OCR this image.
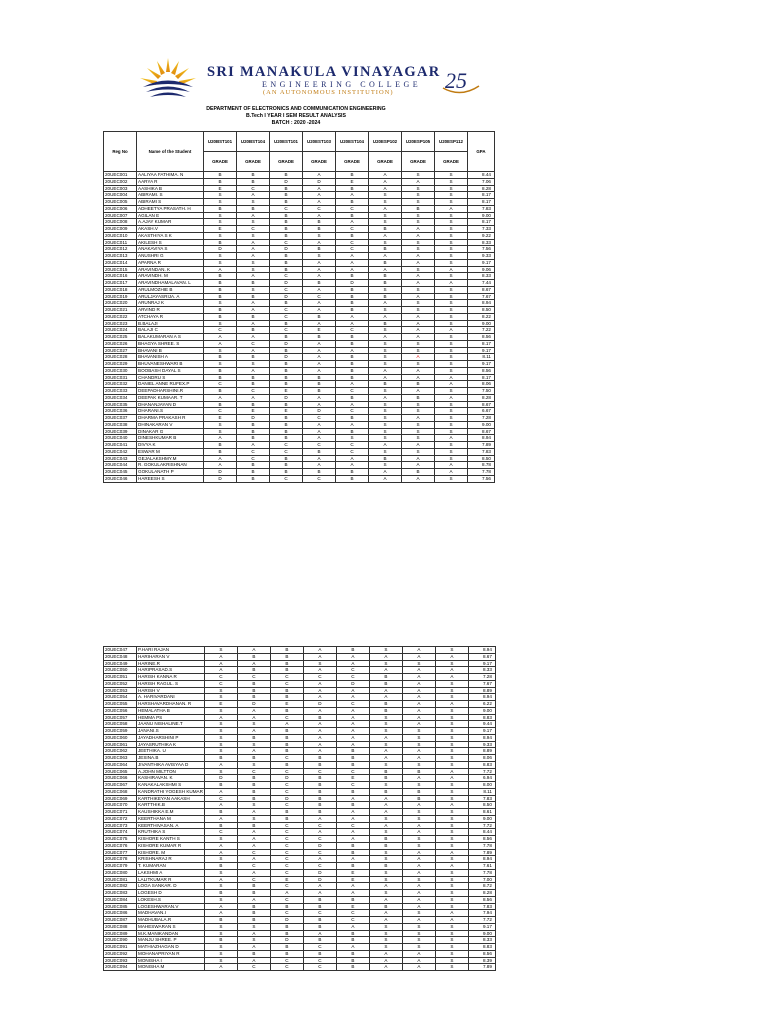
SRI MANAKULA VINAYAGAR
ENGINEERING COLLEGE
(AN AUTONOMOUS INSTITUTION) 25
DEPARTMENT OF ELECTRONICS AND COMMUNICATION ENGINEERING
B.Tech I YEAR I SEM RESULT ANALYSIS
BATCH : 2020 -2024
Reg No	Name of the Student	U20BST101	U20BST104	U20EST101	U20EST103	U20EST104	U20ESP102	U20ESP105	U20ESP112	GPA
		GRADE	GRADE	GRADE	GRADE	GRADE	GRADE	GRADE	GRADE	
20UEC001	AALIYAA FATHIMA. N	B	B	B	A	B	A	S	S	8.44
20UEC002	AARYA R	B	B	D	D	E	A	A	S	7.06
20UEC003	AASHIKA B	E	C	B	A	B	A	S	S	8.28
20UEC004	ABIRAMI. S	S	A	B	A	A	S	S	S	8.17
20UEC005	ABIRAMI S	S	S	B	A	B	S	S	S	8.17
20UEC006	ADHEETYA PRASATH. H	B	B	C	C	C	A	B	A	7.83
20UEC007	AGILAN E	S	A	B	A	B	S	S	S	9.00
20UEC008	A.AJAY KUMAR	S	S	B	B	A	S	S	S	8.17
20UEC009	AKASH.V	E	C	B	B	C	B	A	S	7.33
20UEC010	AKASTHIYA S K	S	S	B	S	B	A	A	S	9.22
20UEC011	AKILESH S	B	A	C	A	C	S	S	S	8.33
20UEC012	ANAKAVIYA S	D	A	D	B	C	B	S	S	7.56
20UEC013	ANUSHRI G	S	A	B	S	A	A	A	S	9.33
20UEC014	APARNA R	S	S	B	A	A	B	A	S	9.17
20UEC015	ARAVINDAN. K	A	S	B	A	A	A	S	A	9.06
20UEC016	ARAVINDH. M	B	A	C	A	B	B	A	S	8.33
20UEC017	ARAVINDHAMALAVAN. L	B	B	D	B	D	B	A	A	7.44
20UEC018	ARULMOZHIE B	B	S	C	A	B	S	S	S	8.67
20UEC019	ARULJAYASRIJA. A	B	B	D	C	B	B	A	S	7.67
20UEC020	ARUNRAJ K	S	A	B	A	B	A	S	S	8.94
20UEC021	ARVIND R	B	A	C	A	B	S	S	S	8.50
20UEC022	ATCHAYA R	B	B	C	B	A	A	A	S	8.22
20UEC023	B.BALAJI	S	A	B	A	A	B	A	S	9.00
20UEC024	BALAJI C	C	B	C	E	C	S	A	A	7.22
20UEC025	BALAKUMARAN A S	A	A	B	B	B	A	A	S	8.56
20UEC026	BHAGYA SHREE. S	A	C	D	A	B	S	S	S	8.17
20UEC027	BHAVANI B	S	A	B	A	A	S	S	S	9.17
20UEC028	BHAVANISH A	B	B	D	A	B	S	A	S	8.11
20UEC029	BHUVANESHWARI B	S	S	B	A	B	S	S	S	9.17
20UEC030	BOOBASH DAYAL S	B	A	B	A	B	A	A	S	8.56
20UEC031	CHANDRU S	B	B	B	B	B	A	A	A	8.17
20UEC032	DANIEL ANNE RUFEX.P	C	B	B	B	A	B	B	A	8.06
20UEC033	DEEPADHARSHINI.R	B	C	E	B	C	S	A	S	7.50
20UEC034	DEEPAK KUMAAR. T	A	A	D	A	B	A	B	A	8.28
20UEC035	DHANANJAYAN D	B	B	B	A	A	S	S	S	8.67
20UEC036	DHARANI.S	C	E	E	D	C	S	S	S	6.67
20UEC037	DHARMA PRAKASH R	E	D	B	C	B	S	A	S	7.28
20UEC038	DHINAKARAN V	S	B	B	A	A	S	S	S	9.00
20UEC039	DINAKAR G	S	B	B	A	B	S	S	S	8.67
20UEC040	DINESHKUMAR B	A	B	B	A	S	S	S	A	8.94
20UEC041	DIVYA K	B	A	C	C	C	A	A	S	7.89
20UEC042	ESWAR M	B	C	C	B	C	S	S	S	7.83
20UEC043	GEJALAKSHMY.M	A	C	B	A	A	B	A	S	8.50
20UEC044	R. GOKULAKRISHNAN	A	B	B	A	A	S	A	A	8.78
20UEC045	GOKULANATH P	D	B	B	B	B	A	B	A	7.78
20UEC046	HAREESH S	D	B	C	C	B	A	A	S	7.56
20UEC047	P.HARI RAJAN	S	A	B	A	B	S	A	S	8.94
20UEC048	HARIHARAN V	A	B	B	A	A	A	A	A	8.67
20UEC049	HARINE.R	A	A	B	S	A	S	S	S	9.17
20UEC050	HARIPRASAD.S	A	B	B	A	C	A	A	A	8.33
20UEC051	HARISH KANNA R	C	C	C	C	C	B	A	A	7.28
20UEC052	HARISH RAGUL. S	C	B	C	A	D	B	A	S	7.67
20UEC053	HARISH V	S	B	B	A	A	A	A	S	8.89
20UEC054	A. HARIVARDANI	S	B	B	A	A	A	A	S	8.94
20UEC055	HARSHAVARDHANAN. R	E	D	E	D	C	B	A	A	6.22
20UEC056	HEMALATHA B	S	A	B	A	A	B	A	S	9.00
20UEC057	HEMMA PS	A	A	C	B	A	S	A	S	8.83
20UEC058	JAANU NISHALINE.T	S	S	A	A	A	S	A	S	9.44
20UEC059	JANANI.S	S	A	B	A	A	S	S	S	9.17
20UEC060	JAYADHARSHINI P	S	B	B	A	A	A	S	S	8.94
20UEC061	JAYASRUTHIKA K	S	S	B	A	A	S	S	S	9.33
20UEC062	JEETHIKA. U	S	A	B	A	B	A	A	S	8.89
20UEC063	JESINA.B	B	B	C	B	B	A	A	S	8.06
20UEC064	JIVANTHIKA AVISYAA D	A	S	B	B	B	S	S	S	8.83
20UEC065	A.JOHN MILTTON	S	C	C	C	C	B	B	A	7.72
20UEC066	KASHIRAVAN. K	D	B	D	B	E	B	A	A	6.94
20UEC067	KANAKALAKSHMI S	B	B	C	B	C	S	S	S	8.00
20UEC068	KANDRATHI YOGESH KUMAR	A	B	C	B	B	B	B	S	8.11
20UEC069	KARTHIKEYAN AAKASH	C	B	D	B	A	A	B	S	7.83
20UEC070	KARTTHIK.B	A	S	C	B	B	A	A	A	8.50
20UEC071	KAUSHIKKA E.M	B	A	B	B	A	A	S	S	8.61
20UEC072	KEERTHANA M	A	S	B	A	A	S	S	S	9.00
20UEC073	KEERTHIVASAN. A	B	B	C	C	C	A	A	S	7.72
20UEC074	KRUTHIKA S	C	A	C	A	A	S	A	S	8.44
20UEC075	KISHORE KANTH S	S	A	C	C	A	B	S	S	8.56
20UEC076	KISHORE KUMAR R	A	A	C	D	B	B	S	S	7.78
20UEC077	KISHORE. M	A	C	C	C	B	S	A	A	7.89
20UEC078	KRISHNARAJ R	S	A	C	A	A	S	A	S	8.94
20UEC079	T. KUMARAN	B	C	C	C	B	B	A	A	7.61
20UEC080	LAKSHMI A	S	A	C	D	E	S	A	S	7.78
20UEC081	LALITKUMAR R	A	C	E	D	E	S	S	S	7.00
20UEC082	LOGA SANKAR. D	S	B	C	A	A	A	A	S	8.72
20UEC083	LOGESH D	B	B	A	A	A	S	A	S	8.28
20UEC084	LOKESH.S	S	A	C	B	B	A	A	S	8.56
20UEC085	LOGESHWARAN.V	A	B	B	B	E	B	A	S	7.83
20UEC086	MADHAVAN.I	A	B	C	C	C	A	S	A	7.94
20UEC087	MADHUBALA.R	B	B	D	B	C	A	A	A	7.72
20UEC088	MAHESWARAN S	S	S	B	B	A	S	S	S	9.17
20UEC089	M.K.MANIKANDAN	S	A	B	A	B	S	S	S	9.00
20UEC090	MANJU SHREE. P	B	S	D	B	B	S	S	S	8.33
20UEC091	MATHIAZHAGAN D	S	A	B	C	A	S	S	S	8.83
20UEC092	MOHANAPRIYAN R	S	B	B	B	B	A	A	S	8.56
20UEC093	MONISHA I	S	A	C	C	B	A	A	S	8.39
20UEC094	MONISHA M	A	C	C	C	B	A	A	S	7.89
